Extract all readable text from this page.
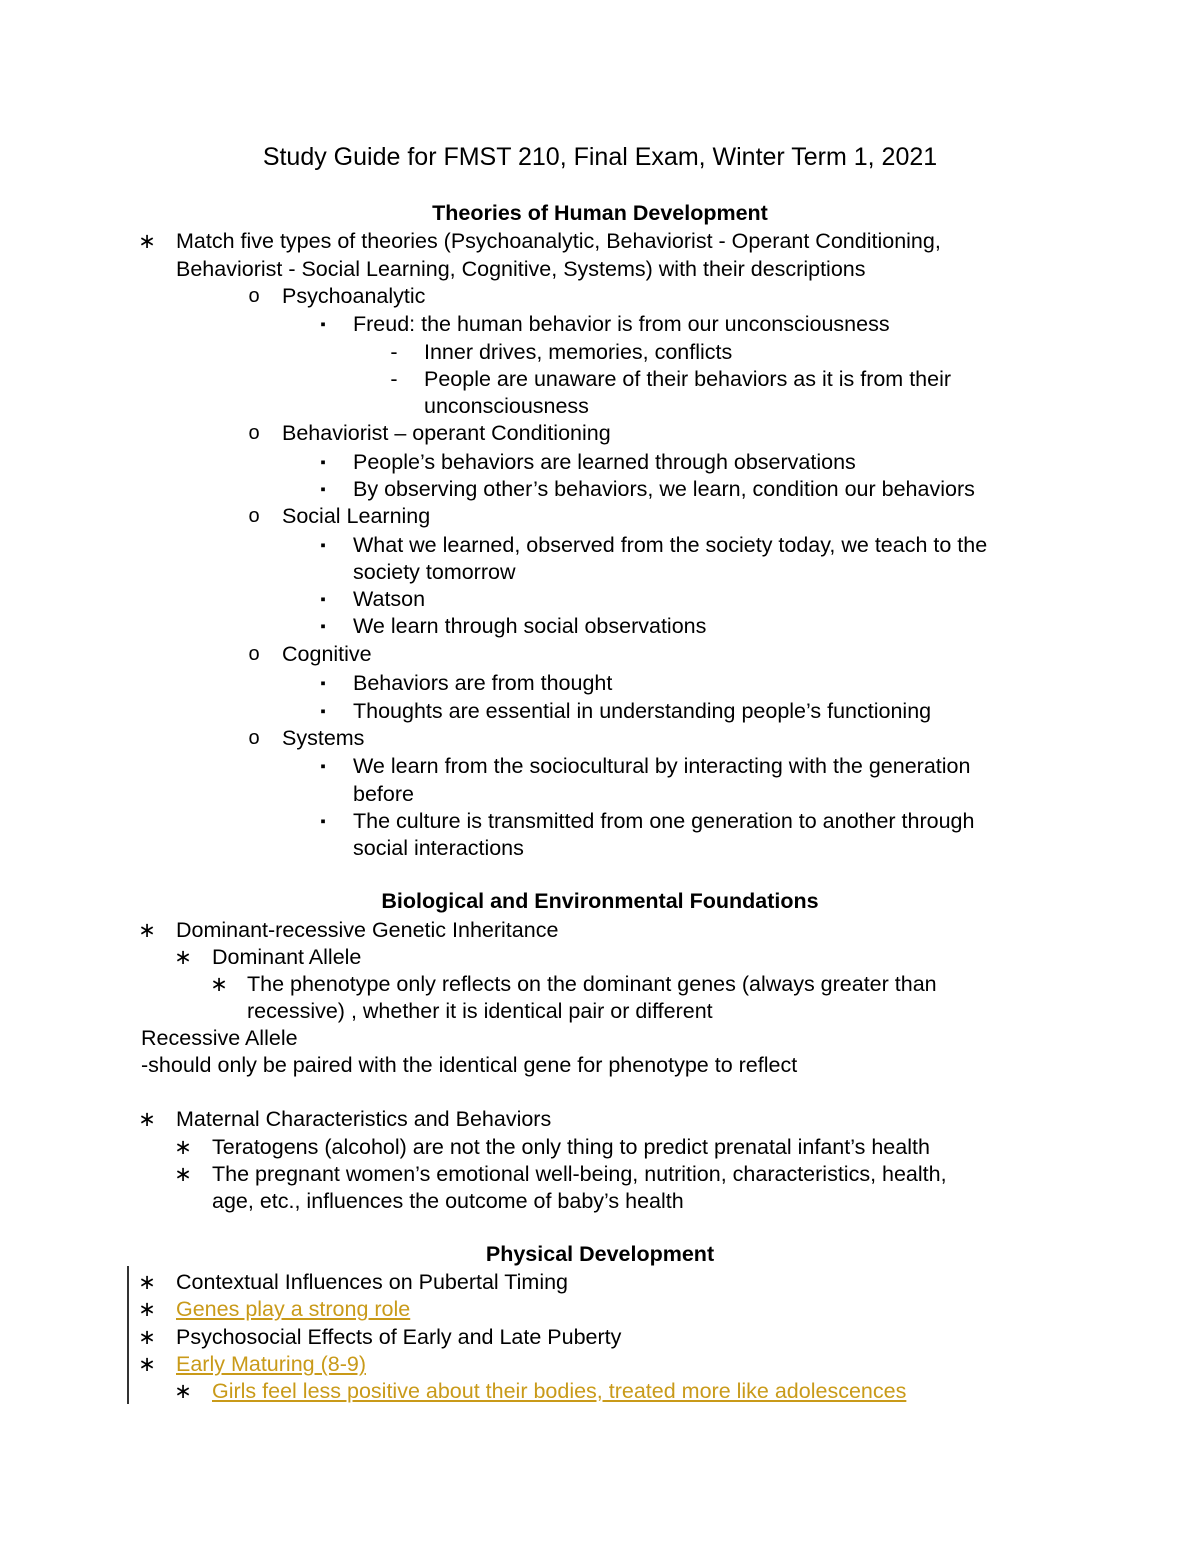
Study Guide for FMST 210, Final Exam, Winter Term 1, 2021
Theories of Human Development
∗ Match five types of theories (Psychoanalytic, Behaviorist - Operant Conditioning,
Behaviorist - Social Learning, Cognitive, Systems) with their descriptions
o Psychoanalytic
▪	Freud: the human behavior is from our unconsciousness
- Inner drives, memories, conflicts
- People are unaware of their behaviors as it is from their
unconsciousness
o Behaviorist – operant Conditioning
▪	People’s behaviors are learned through observations
▪	By observing other’s behaviors, we learn, condition our behaviors
o Social Learning
▪	What we learned, observed from the society today, we teach to the
society tomorrow
▪	Watson
▪	We learn through social observations
o Cognitive
▪	Behaviors are from thought
▪	Thoughts are essential in understanding people’s functioning
o Systems
▪	We learn from the sociocultural by interacting with the generation
before
▪	The culture is transmitted from one generation to another through
social interactions
Biological and Environmental Foundations
∗ Dominant-recessive Genetic Inheritance
∗ Dominant Allele
∗ The phenotype only reflects on the dominant genes (always greater than
recessive) , whether it is identical pair or different
Recessive Allele
-should only be paired with the identical gene for phenotype to reflect
∗ Maternal Characteristics and Behaviors
∗ Teratogens (alcohol) are not the only thing to predict prenatal infant’s health
∗ The pregnant women’s emotional well-being, nutrition, characteristics, health,
age, etc., influences the outcome of baby’s health
Physical Development
∗ Contextual Influences on Pubertal Timing
∗ Genes play a strong role
∗ Psychosocial Effects of Early and Late Puberty
∗ Early Maturing (8-9)
∗ Girls feel less positive about their bodies, treated more like adolescences
